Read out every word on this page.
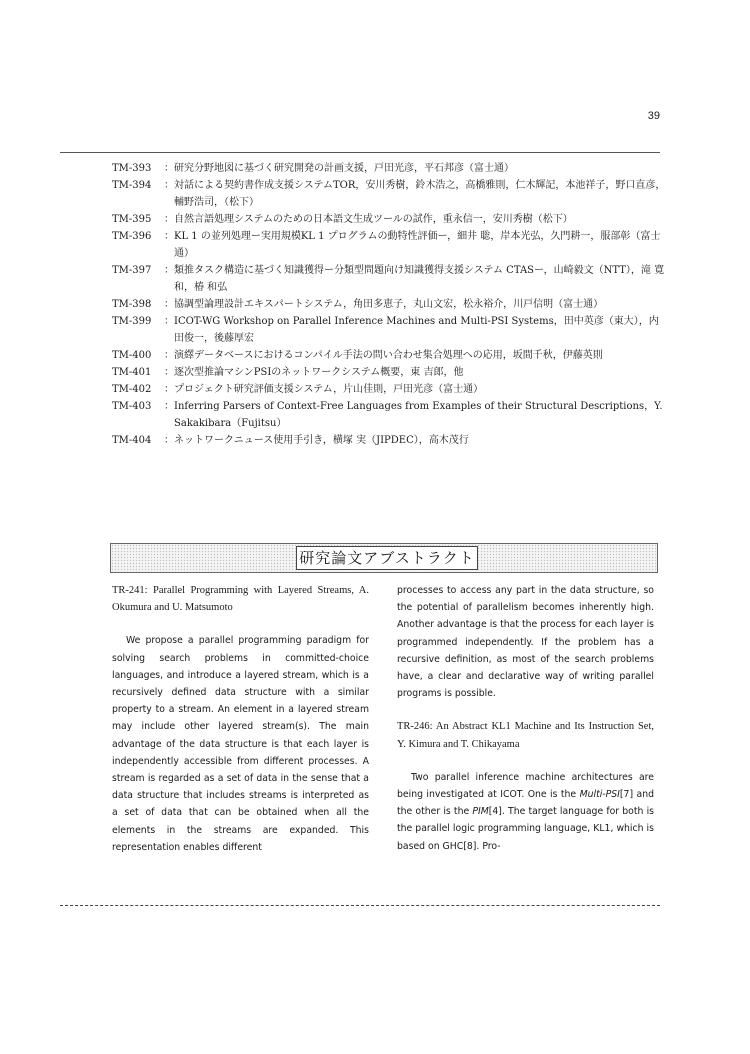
39
TM-393	： 研究分野地図に基づく研究開発の計画支援，戸田光彦，平石邦彦（富士通）
TM-394	： 対話による契約書作成支援システムTOR，安川秀樹，鈴木浩之，高橋雅則，仁木輝記，本池祥子，野口直彦，輔野浩司，（松下）
TM-395	： 自然言語処理システムのための日本語文生成ツールの試作，重永信一，安川秀樹（松下）
TM-396	： KL 1 の並列処理ー実用規模KL 1 プログラムの動特性評価ー，細井 聡，岸本光弘，久門耕一，服部彰（富士通）
TM-397	： 類推タスク構造に基づく知識獲得ー分類型問題向け知識獲得支援システム CTASー，山崎毅文（NTT），滝 寛和，椿 和弘
TM-398	： 協調型論理設計エキスパートシステム，角田多恵子，丸山文宏，松永裕介，川戸信明（富士通）
TM-399	： ICOT-WG Workshop on Parallel Inference Machines and Multi-PSI Systems，田中英彦（東大），内田俊一，後藤厚宏
TM-400	： 演繹データベースにおけるコンパイル手法の問い合わせ集合処理への応用，坂間千秋，伊藤英則
TM-401	： 逐次型推論マシンPSIのネットワークシステム概要，東 吉郎，他
TM-402	： プロジェクト研究評価支援システム，片山佳則，戸田光彦（富士通）
TM-403	： Inferring Parsers of Context-Free Languages from Examples of their Structural Descriptions，Y. Sakakibara（Fujitsu）
TM-404	： ネットワークニュース使用手引き，横塚 実（JIPDEC），高木茂行
研究論文アブストラクト

TR-241: Parallel Programming with Layered Streams, A. Okumura and U. Matsumoto

We propose a parallel programming paradigm for solving search problems in committed-choice languages, and introduce a layered stream, which is a recursively defined data structure with a similar property to a stream. An element in a layered stream may include other layered stream(s). The main advantage of the data structure is that each layer is independently accessible from different processes. A stream is regarded as a set of data in the sense that a data structure that includes streams is interpreted as a set of data that can be obtained when all the elements in the streams are expanded. This representation enables different

processes to access any part in the data structure, so the potential of parallelism becomes inherently high. Another advantage is that the process for each layer is programmed independently. If the problem has a recursive definition, as most of the search problems have, a clear and declarative way of writing parallel programs is possible.

TR-246: An Abstract KL1 Machine and Its Instruction Set, Y. Kimura and T. Chikayama

Two parallel inference machine architectures are being investigated at ICOT. One is the Multi-PSI[7] and the other is the PIM[4]. The target language for both is the parallel logic programming language, KL1, which is based on GHC[8]. Pro-
